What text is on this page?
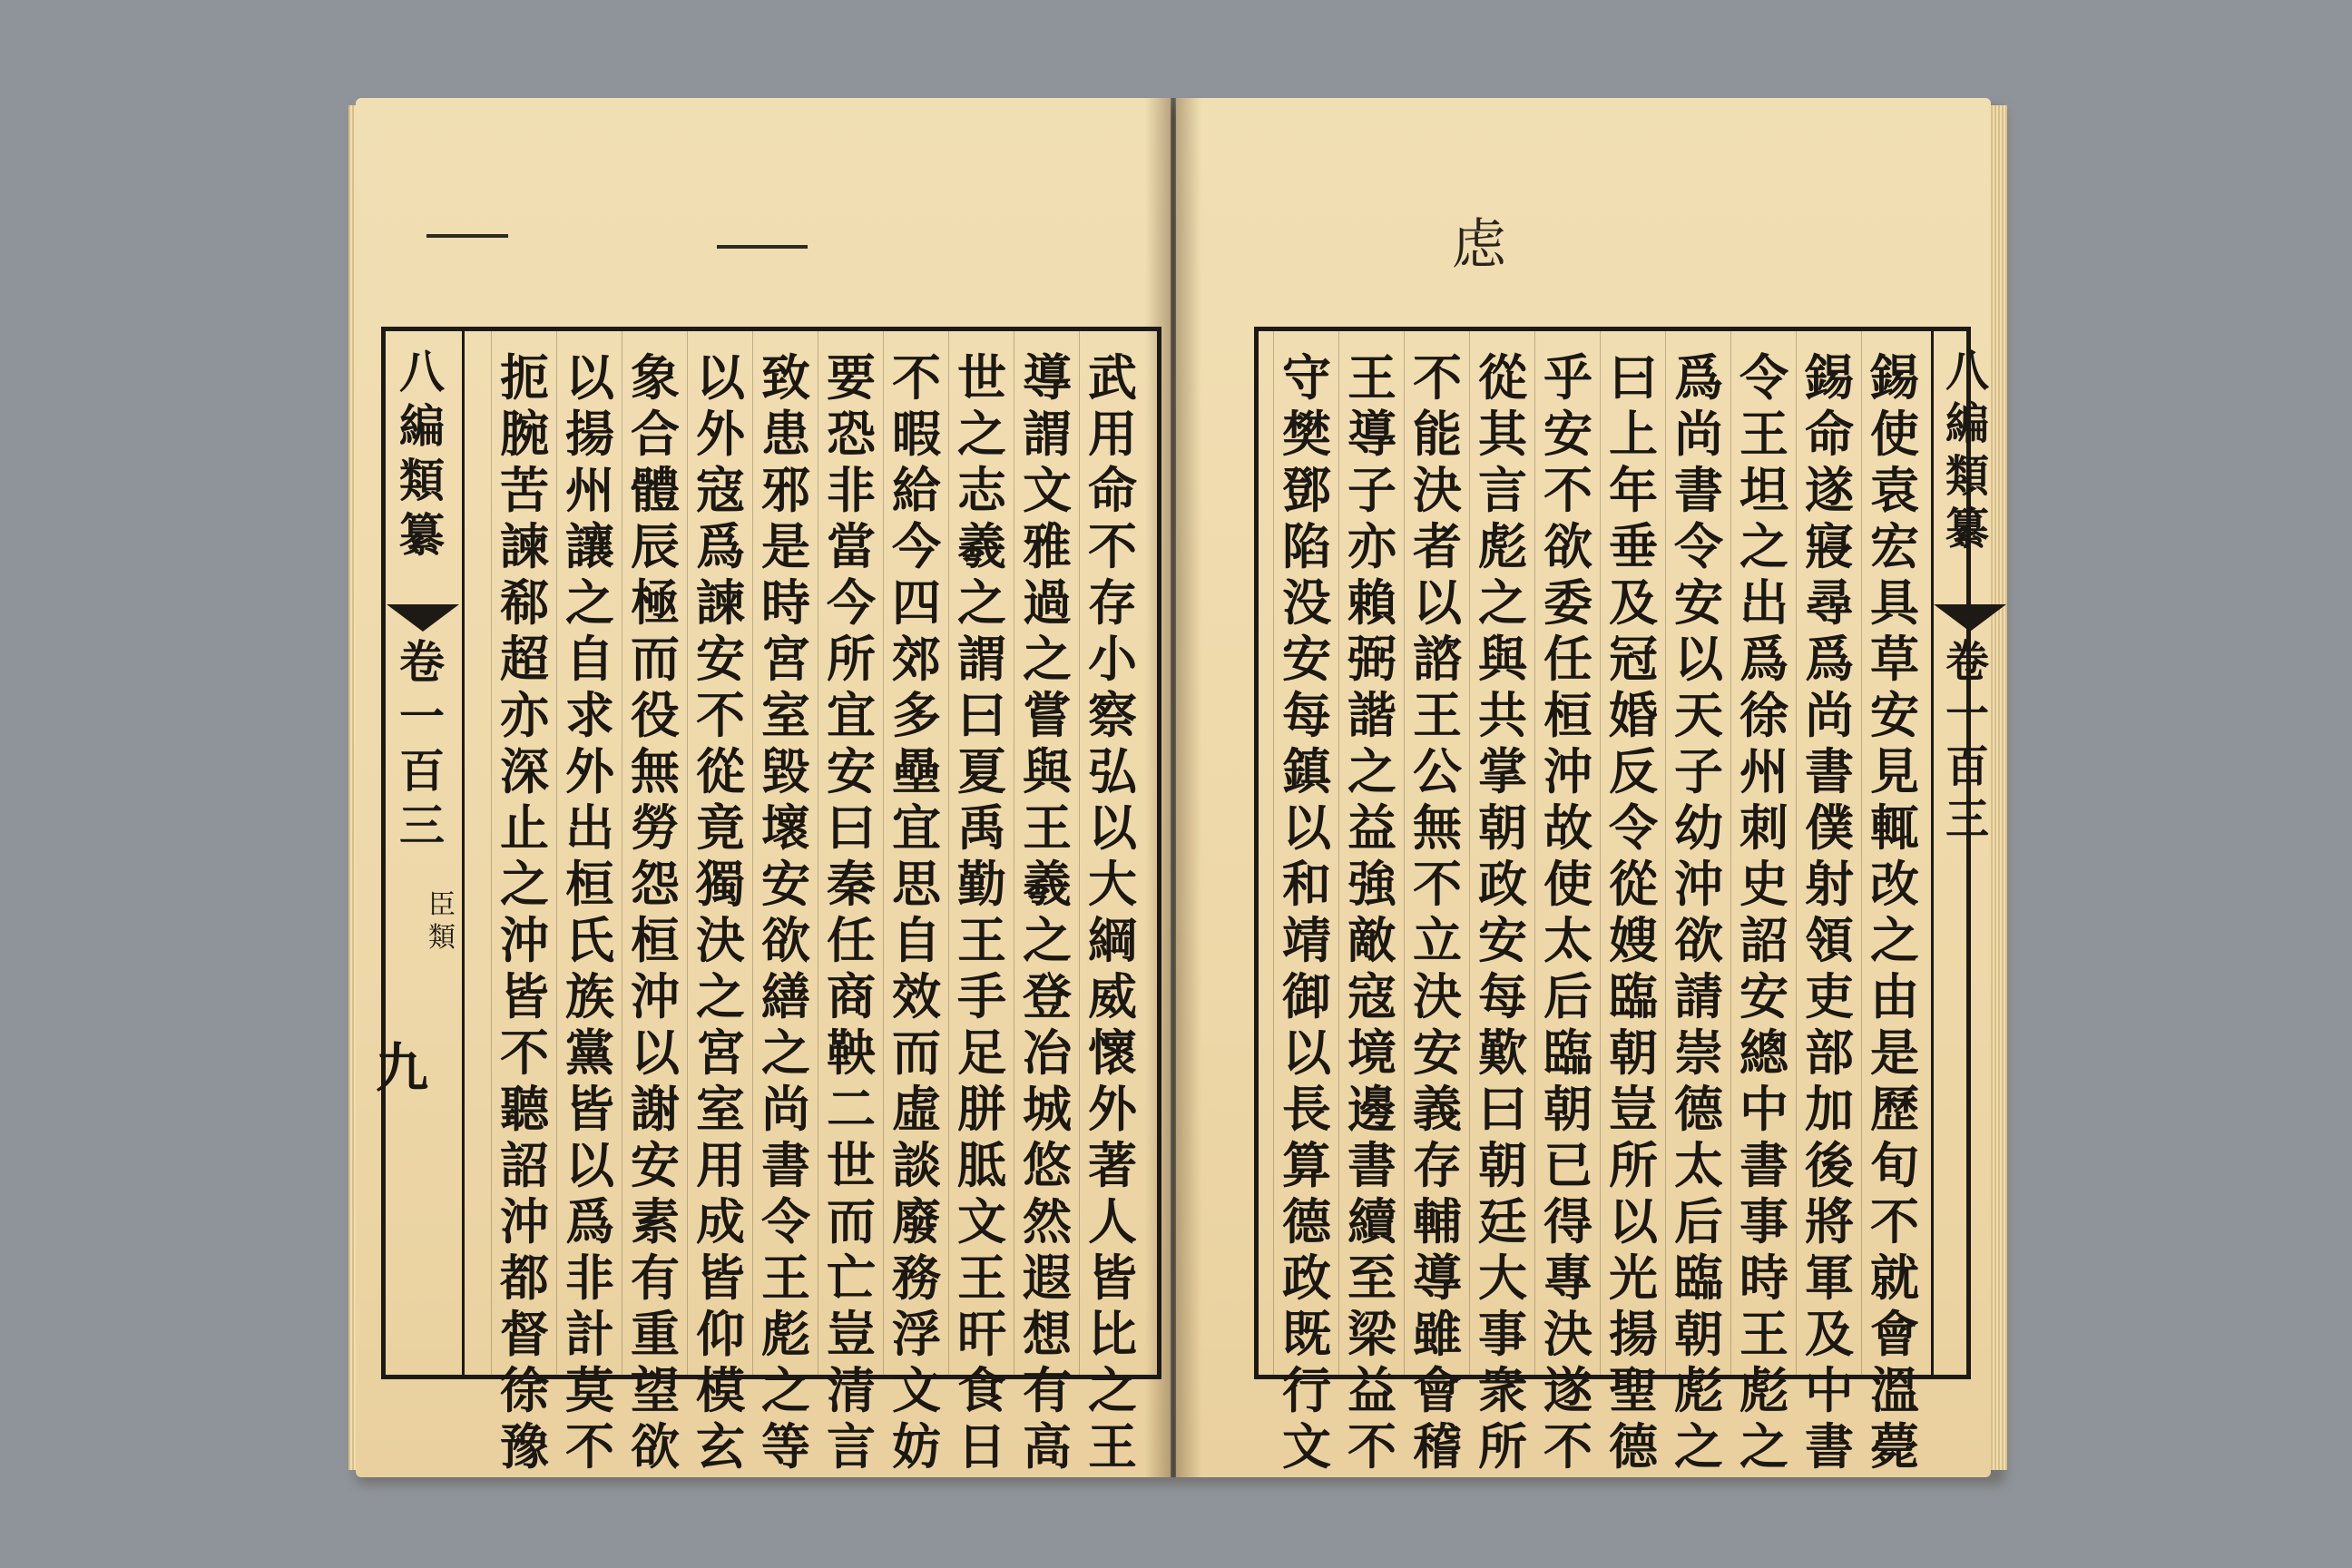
虑
武
用
命
不
存
小
察
弘
以
大
綱
威
懷
外
著
人
皆
比
之
王
導
謂
文
雅
過
之
嘗
與
王
羲
之
登
冶
城
悠
然
遐
想
有
高
世
之
志
羲
之
謂
曰
夏
禹
勤
王
手
足
胼
胝
文
王
旰
食
日
不
暇
給
今
四
郊
多
壘
宜
思
自
效
而
虛
談
廢
務
浮
文
妨
要
恐
非
當
今
所
宜
安
曰
秦
任
商
鞅
二
世
而
亡
豈
清
言
致
患
邪
是
時
宮
室
毀
壞
安
欲
繕
之
尚
書
令
王
彪
之
等
以
外
寇
爲
諫
安
不
從
竟
獨
決
之
宮
室
用
成
皆
仰
模
玄
象
合
體
辰
極
而
役
無
勞
怨
桓
沖
以
謝
安
素
有
重
望
欲
以
揚
州
讓
之
自
求
外
出
桓
氏
族
黨
皆
以
爲
非
計
莫
不
扼
腕
苦
諫
郗
超
亦
深
止
之
沖
皆
不
聽
詔
沖
都
督
徐
豫
八
編
類
纂
卷
一
百
三
臣
類
九
錫
使
袁
宏
具
草
安
見
輒
改
之
由
是
歷
旬
不
就
會
溫
薨
錫
命
遂
寢
尋
爲
尚
書
僕
射
領
吏
部
加
後
將
軍
及
中
書
令
王
坦
之
出
爲
徐
州
刺
史
詔
安
總
中
書
事
時
王
彪
之
爲
尚
書
令
安
以
天
子
幼
沖
欲
請
崇
德
太
后
臨
朝
彪
之
曰
上
年
垂
及
冠
婚
反
令
從
嫂
臨
朝
豈
所
以
光
揚
聖
德
乎
安
不
欲
委
任
桓
沖
故
使
太
后
臨
朝
已
得
專
決
遂
不
從
其
言
彪
之
與
共
掌
朝
政
安
每
歎
曰
朝
廷
大
事
衆
所
不
能
決
者
以
諮
王
公
無
不
立
決
安
義
存
輔
導
雖
會
稽
王
導
子
亦
賴
弼
諧
之
益
強
敵
寇
境
邊
書
續
至
梁
益
不
守
樊
鄧
陷
没
安
每
鎮
以
和
靖
御
以
長
算
德
政
既
行
文
八
編
類
纂
卷
一
百
三
